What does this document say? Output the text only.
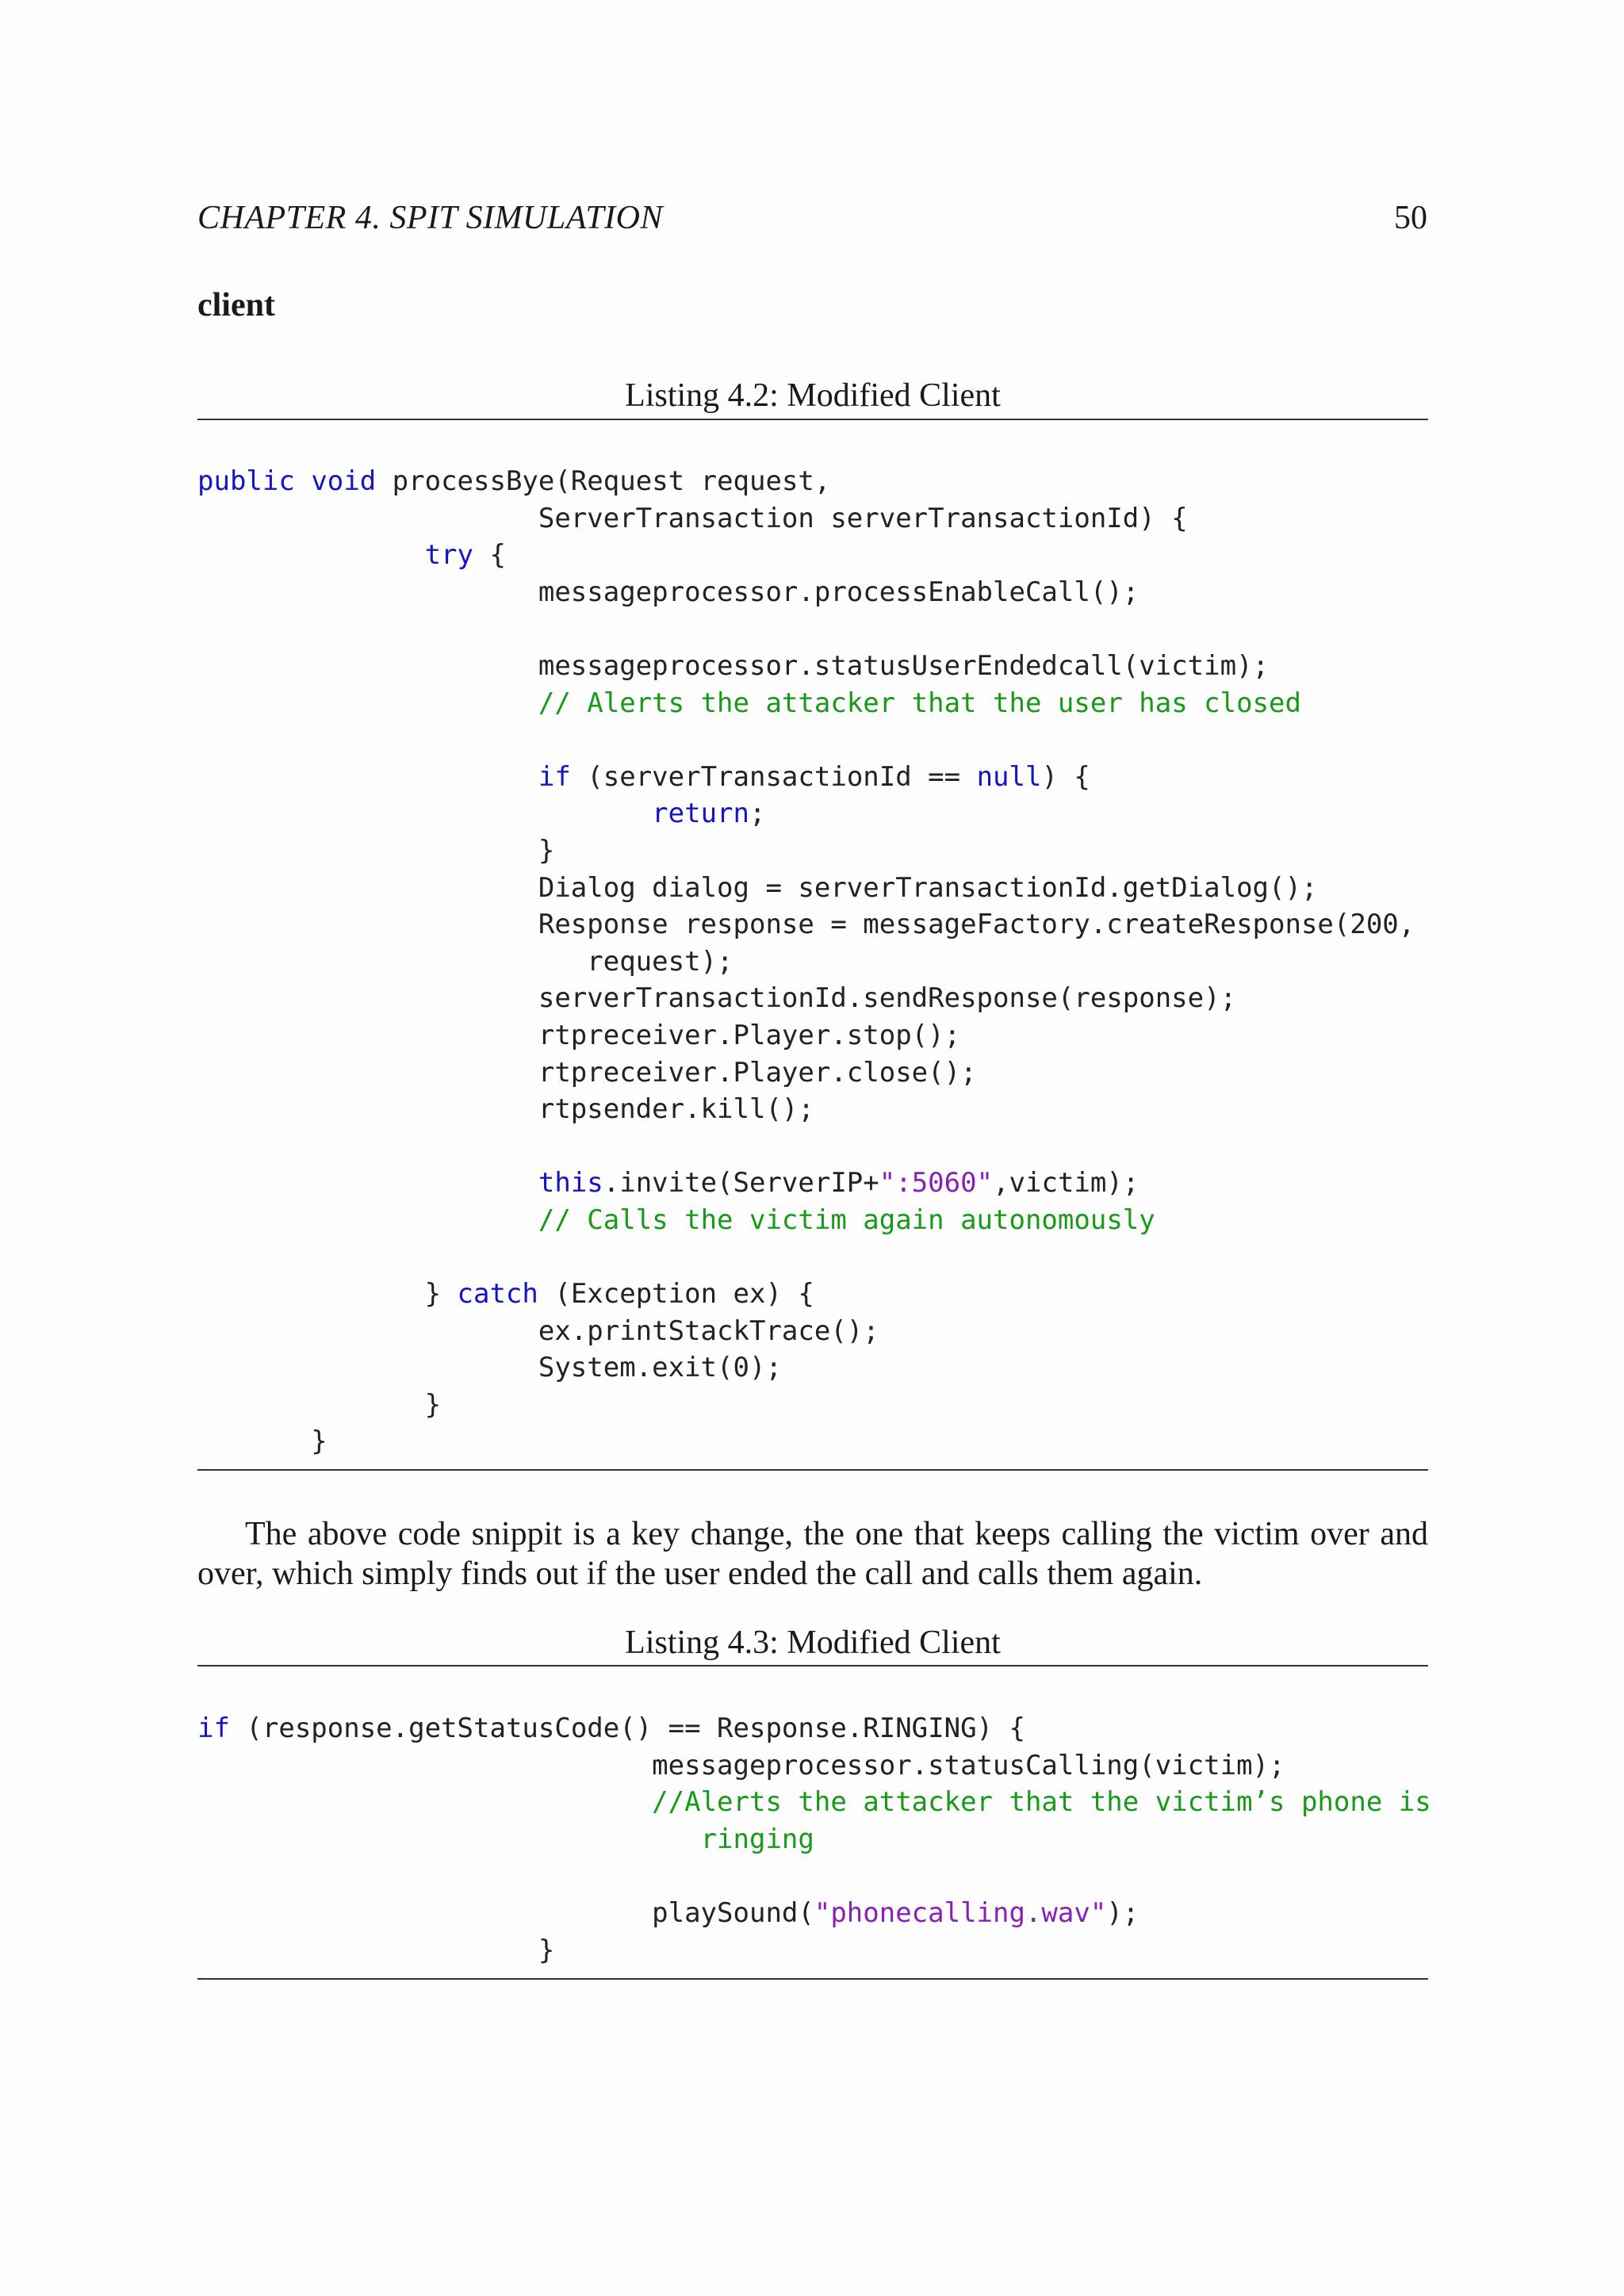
CHAPTER 4. SPIT SIMULATION	50
client
Listing 4.2: Modified Client
public void processBye(Request request,
ServerTransaction serverTransactionId) {
try {
messageprocessor.processEnableCall();

messageprocessor.statusUserEndedcall(victim);
// Alerts the attacker that the user has closed

if (serverTransactionId == null) {
return;
}
Dialog dialog = serverTransactionId.getDialog();
Response response = messageFactory.createResponse(200,
request);
serverTransactionId.sendResponse(response);
rtpreceiver.Player.stop();
rtpreceiver.Player.close();
rtpsender.kill();

this.invite(ServerIP+":5060",victim);
// Calls the victim again autonomously

} catch (Exception ex) {
ex.printStackTrace();
System.exit(0);
}
}
The above code snippit is a key change, the one that keeps calling the victim over and over, which simply finds out if the user ended the call and calls them again.
Listing 4.3: Modified Client
if (response.getStatusCode() == Response.RINGING) {
messageprocessor.statusCalling(victim);
//Alerts the attacker that the victim’s phone is
ringing

playSound("phonecalling.wav");
}
